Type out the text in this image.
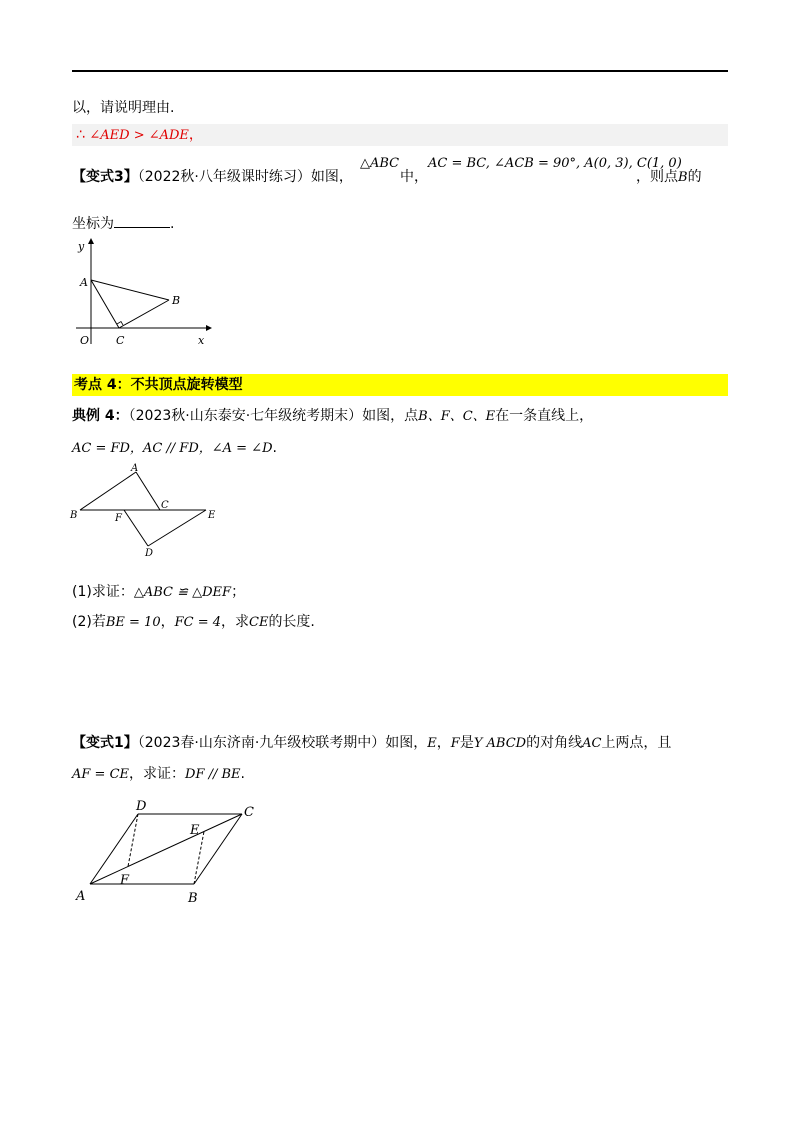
以，请说明理由.
∴ ∠AED > ∠ADE，
【变式3】（2022秋·八年级课时练习）如图，
△ABC
中，
AC = BC, ∠ACB = 90°, A(0, 3), C(1, 0)
，则点B的
坐标为	.
y
x
O
A
B
C
考点 4：不共顶点旋转模型
典例 4：（2023秋·山东泰安·七年级统考期末）如图，点B、F、C、E在一条直线上，
AC = FD，AC // FD，∠A = ∠D.
A
B
C
D
E
F
(1)求证：△ABC ≌ △DEF；
(2)若BE = 10，FC = 4，求CE的长度.
【变式1】（2023春·山东济南·九年级校联考期中）如图，E，F是Y ABCD的对角线AC上两点，且
AF = CE，求证：DF // BE.
D	C
A	B
E
F
